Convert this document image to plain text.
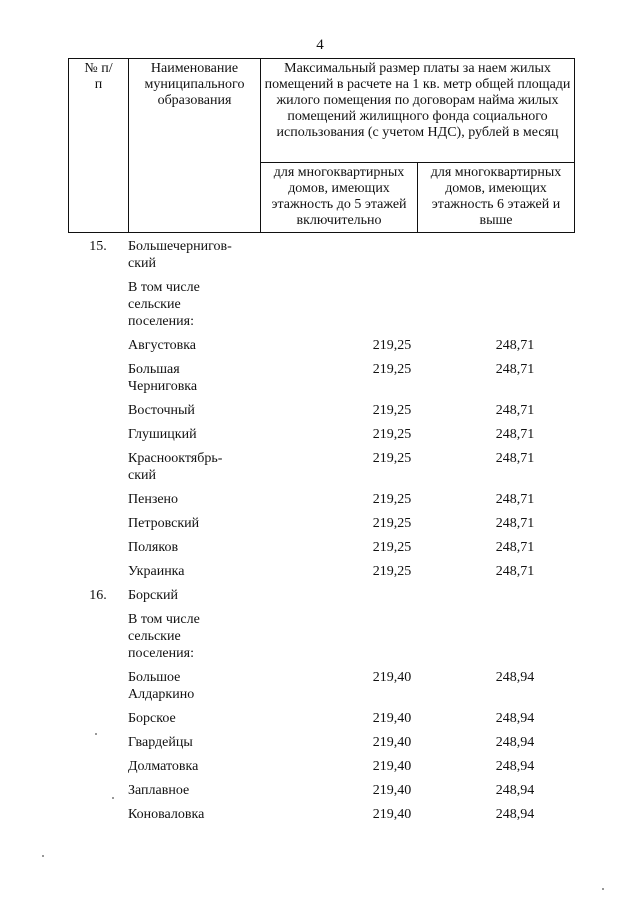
4
№ п/п	Наименование муниципального образования	Максимальный размер платы за наем жилых помещений в расчете на 1 кв. метр общей площади жилого помещения по договорам найма жилых помещений жилищного фонда социального использования (с учетом НДС), рублей в месяц	
		для многоквартирных домов, имеющих этажность до 5 этажей включительно	для многоквартирных домов, имеющих этажность 6 этажей и выше
15.	Большечернигов-
ский		

	В том числе
сельские
поселения:		

	Августовка	219,25	248,71

	Большая
Черниговка	219,25	248,71

	Восточный	219,25	248,71

	Глушицкий	219,25	248,71

	Краснооктябрь-
ский	219,25	248,71

	Пензено	219,25	248,71

	Петровский	219,25	248,71

	Поляков	219,25	248,71

	Украинка	219,25	248,71

16.	Борский		

	В том числе
сельские
поселения:		

	Большое
Алдаркино	219,40	248,94

	Борское	219,40	248,94

	Гвардейцы	219,40	248,94

	Долматовка	219,40	248,94

	Заплавное	219,40	248,94

	Коноваловка	219,40	248,94
